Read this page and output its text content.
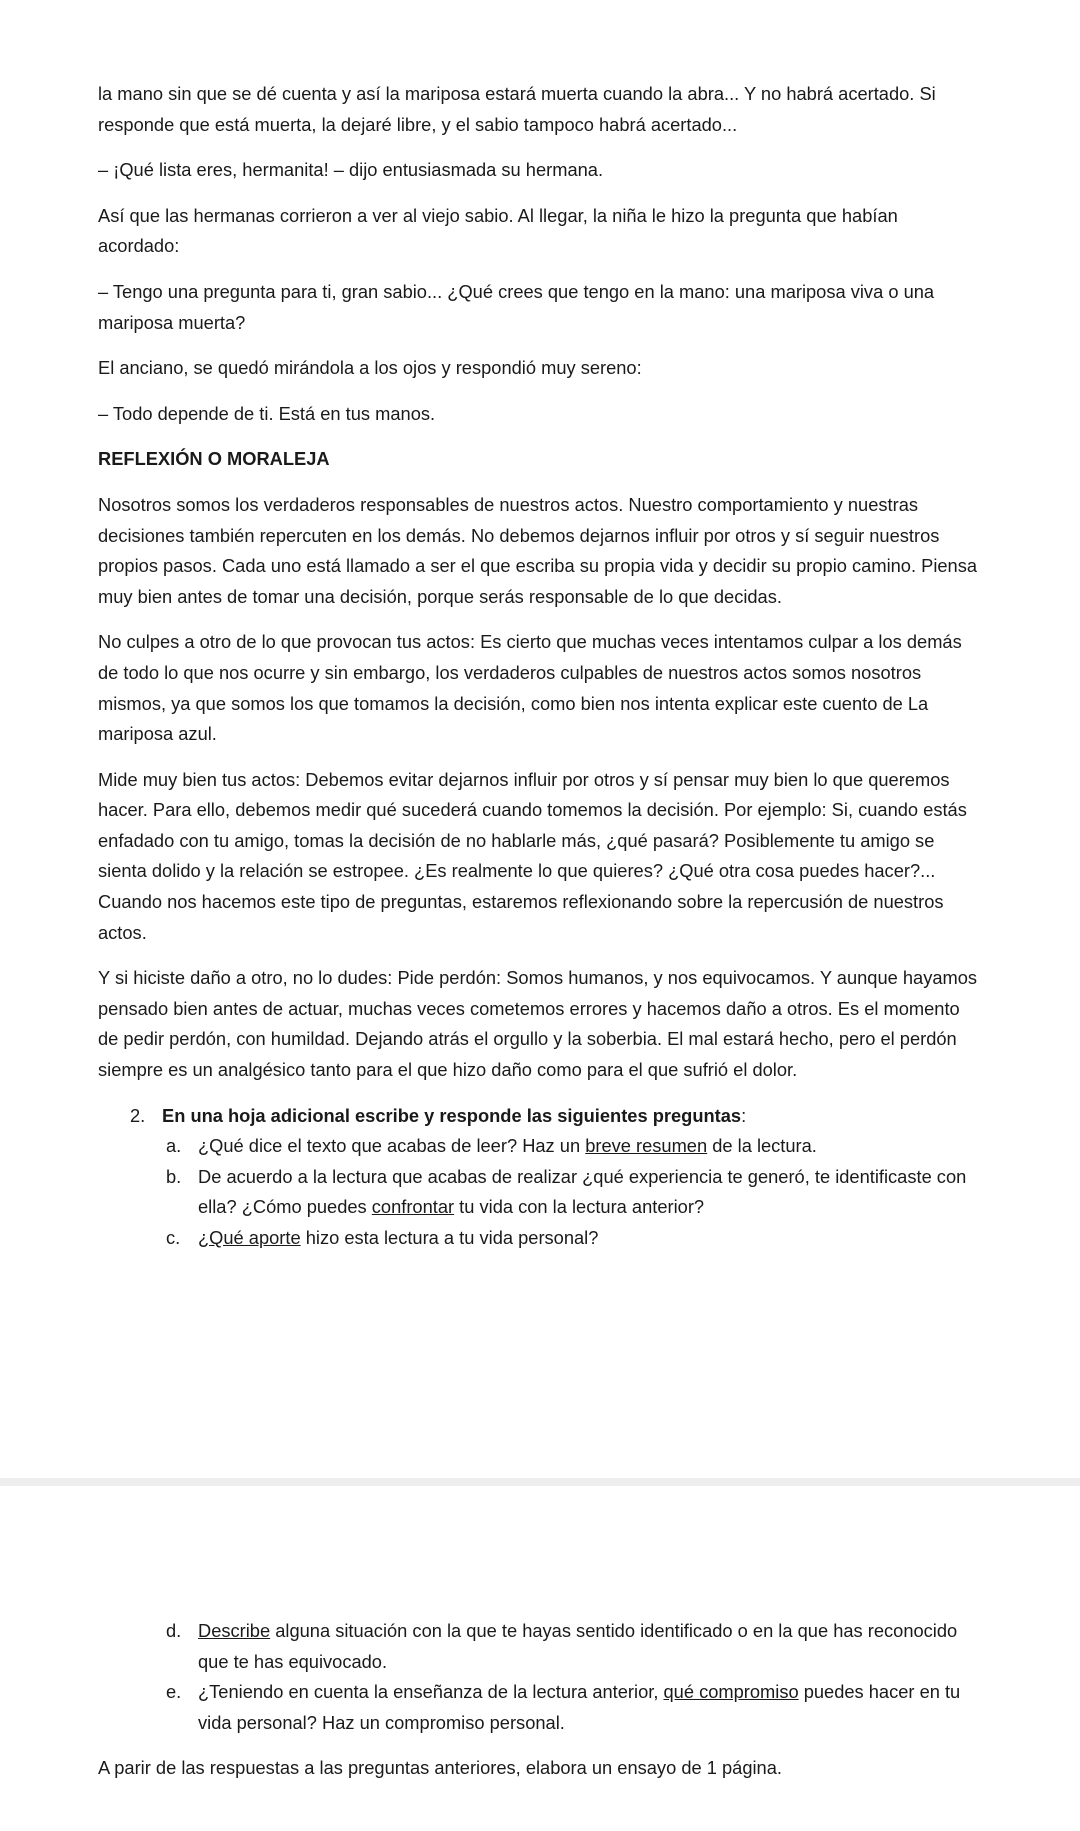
la mano sin que se dé cuenta y así la mariposa estará muerta cuando la abra... Y no habrá acertado. Si responde que está muerta, la dejaré libre, y el sabio tampoco habrá acertado...

– ¡Qué lista eres, hermanita! – dijo entusiasmada su hermana.

Así que las hermanas corrieron a ver al viejo sabio. Al llegar, la niña le hizo la pregunta que habían acordado:

– Tengo una pregunta para ti, gran sabio... ¿Qué crees que tengo en la mano: una mariposa viva o una mariposa muerta?

El anciano, se quedó mirándola a los ojos y respondió muy sereno:

– Todo depende de ti. Está en tus manos.

REFLEXIÓN O MORALEJA

Nosotros somos los verdaderos responsables de nuestros actos. Nuestro comportamiento y nuestras decisiones también repercuten en los demás. No debemos dejarnos influir por otros y sí seguir nuestros propios pasos. Cada uno está llamado a ser el que escriba su propia vida y decidir su propio camino. Piensa muy bien antes de tomar una decisión, porque serás responsable de lo que decidas.

No culpes a otro de lo que provocan tus actos: Es cierto que muchas veces intentamos culpar a los demás de todo lo que nos ocurre y sin embargo, los verdaderos culpables de nuestros actos somos nosotros mismos, ya que somos los que tomamos la decisión, como bien nos intenta explicar este cuento de La mariposa azul.

Mide muy bien tus actos: Debemos evitar dejarnos influir por otros y sí pensar muy bien lo que queremos hacer. Para ello, debemos medir qué sucederá cuando tomemos la decisión. Por ejemplo: Si, cuando estás enfadado con tu amigo, tomas la decisión de no hablarle más, ¿qué pasará? Posiblemente tu amigo se sienta dolido y la relación se estropee. ¿Es realmente lo que quieres? ¿Qué otra cosa puedes hacer?... Cuando nos hacemos este tipo de preguntas, estaremos reflexionando sobre la repercusión de nuestros actos.

Y si hiciste daño a otro, no lo dudes: Pide perdón: Somos humanos, y nos equivocamos. Y aunque hayamos pensado bien antes de actuar, muchas veces cometemos errores y hacemos daño a otros. Es el momento de pedir perdón, con humildad. Dejando atrás el orgullo y la soberbia. El mal estará hecho, pero el perdón siempre es un analgésico tanto para el que hizo daño como para el que sufrió el dolor.

2. En una hoja adicional escribe y responde las siguientes preguntas:
a. ¿Qué dice el texto que acabas de leer? Haz un breve resumen de la lectura.
b. De acuerdo a la lectura que acabas de realizar ¿qué experiencia te generó, te identificaste con ella? ¿Cómo puedes confrontar tu vida con la lectura anterior?
c. ¿Qué aporte hizo esta lectura a tu vida personal?
d. Describe alguna situación con la que te hayas sentido identificado o en la que has reconocido que te has equivocado.
e. ¿Teniendo en cuenta la enseñanza de la lectura anterior, qué compromiso puedes hacer en tu vida personal? Haz un compromiso personal.

A parir de las respuestas a las preguntas anteriores, elabora un ensayo de 1 página.
